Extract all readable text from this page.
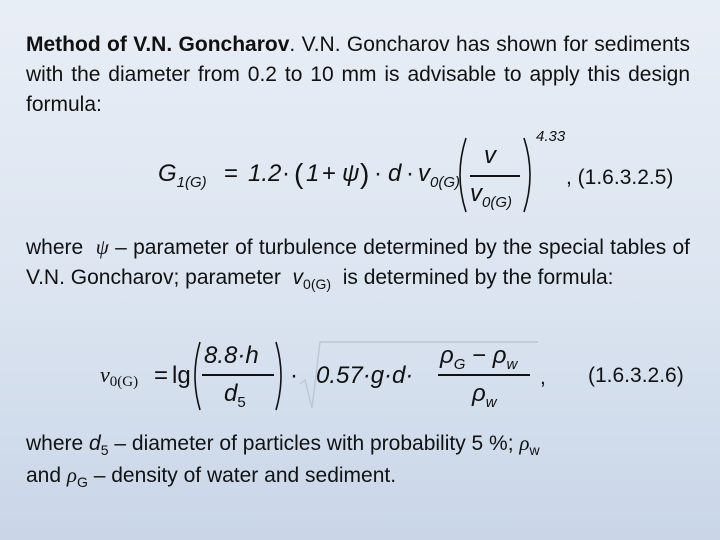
Method of V.N. Goncharov. V.N. Goncharov has shown for sediments with the diameter from 0.2 to 10 mm is advisable to apply this design formula:
$G_{1(G)} = 1.2$ · ( 1 + ψ ) · $d \cdot v_{0(G)}$
v
$v_{0(G)}$
4.33
, (1.6.3.2.5)
where ψ – parameter of turbulence determined by the special tables of V.N. Goncharov; parameter $v_{0(G)}$ is determined by the formula:
v0(G) = lg
8.8·h
$d_5$
· 0.57·g·d·
$\rho_G - \rho_w$
$\rho_w$
, (1.6.3.2.6)
where $d_5$ – diameter of particles with probability 5 %; $\rho_w$
and $\rho_G$ – density of water and sediment.
